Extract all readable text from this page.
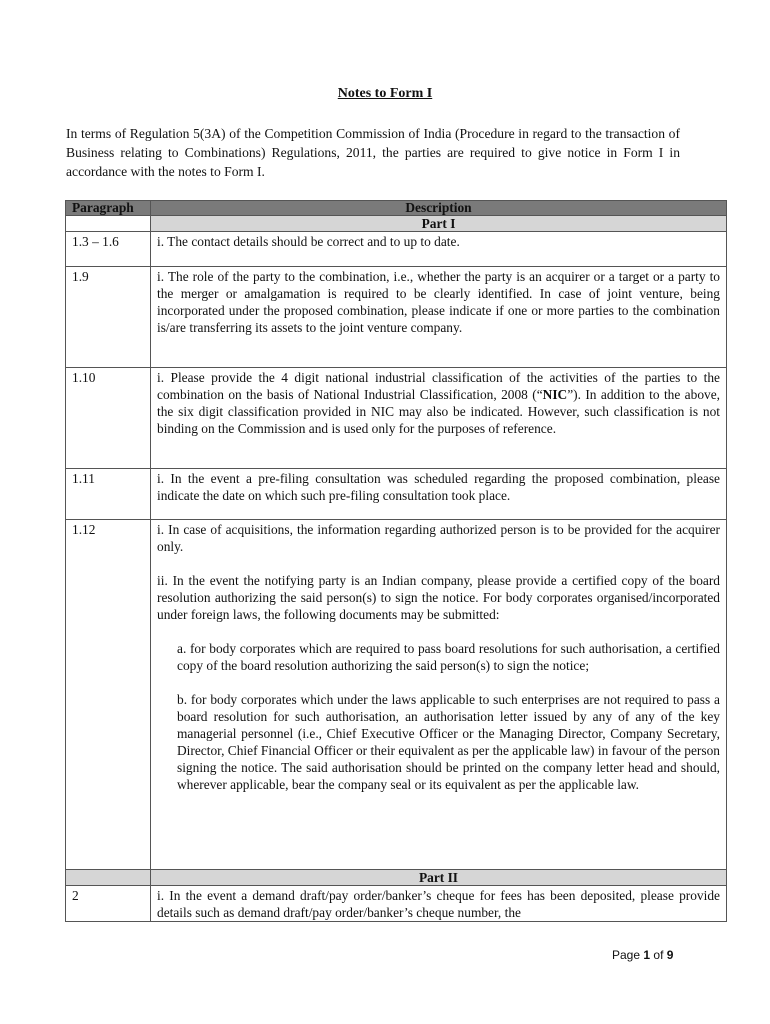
Notes to Form I
In terms of Regulation 5(3A) of the Competition Commission of India (Procedure in regard to the transaction of Business relating to Combinations) Regulations, 2011, the parties are required to give notice in Form I in accordance with the notes to Form I.
Paragraph	Description
	Part I
1.3 – 1.6	i. The contact details should be correct and to up to date.

1.9	i. The role of the party to the combination, i.e., whether the party is an acquirer or a target or a party to the merger or amalgamation is required to be clearly identified. In case of joint venture, being incorporated under the proposed combination, please indicate if one or more parties to the combination is/are transferring its assets to the joint venture company.

1.10	i. Please provide the 4 digit national industrial classification of the activities of the parties to the combination on the basis of National Industrial Classification, 2008 (“NIC”). In addition to the above, the six digit classification provided in NIC may also be indicated. However, such classification is not binding on the Commission and is used only for the purposes of reference.

1.11	i. In the event a pre-filing consultation was scheduled regarding the proposed combination, please indicate the date on which such pre-filing consultation took place.

1.12	i. In case of acquisitions, the information regarding authorized person is to be provided for the acquirer only.

ii. In the event the notifying party is an Indian company, please provide a certified copy of the board resolution authorizing the said person(s) to sign the notice. For body corporates organised/incorporated under foreign laws, the following documents may be submitted:

a. for body corporates which are required to pass board resolutions for such authorisation, a certified copy of the board resolution authorizing the said person(s) to sign the notice;

b. for body corporates which under the laws applicable to such enterprises are not required to pass a board resolution for such authorisation, an authorisation letter issued by any of any of the key managerial personnel (i.e., Chief Executive Officer or the Managing Director, Company Secretary, Director, Chief Financial Officer or their equivalent as per the applicable law) in favour of the person signing the notice. The said authorisation should be printed on the company letter head and should, wherever applicable, bear the company seal or its equivalent as per the applicable law.

	Part II
2	i. In the event a demand draft/pay order/banker’s cheque for fees has been deposited, please provide details such as demand draft/pay order/banker’s cheque number, the

Page 1 of 9
